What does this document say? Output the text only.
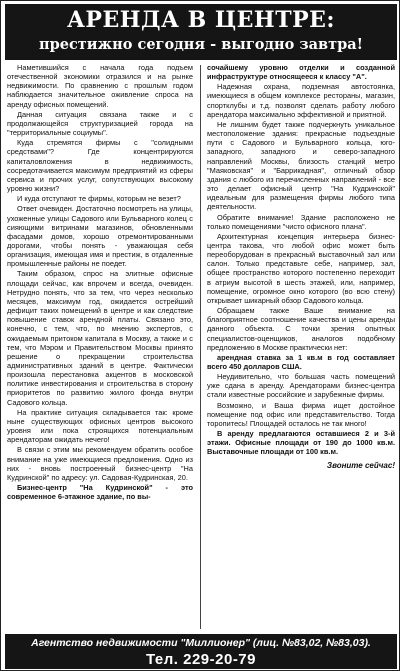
АРЕНДА В ЦЕНТРЕ:
престижно сегодня - выгодно завтра!

Наметившийся с начала года подъем отечественной экономики отразился и на рынке недвижимости. По сравнению с прошлым годом наблюдается значительное оживление спроса на аренду офисных помещений.

Данная ситуация связана также и с продолжающейся структуризацией города на "территориальные социумы".

Куда стремятся фирмы с "солидными средствами"? Где концентрируются капиталовложения в недвижимость, сосредотачивается максимум предприятий из сферы сервиса и прочих услуг, сопутствующих высокому уровню жизни?

И куда отступают те фирмы, которым не везет?

Ответ очевиден. Достаточно посмотреть на улицы, ухоженные улицы Садового или Бульварного колец с сияющими витринами магазинов, обновленными фасадами домов, хорошо отремонтированными дорогами, чтобы понять - уважающая себя организация, имеющая имя и престиж, в отдаленные промышленные районы не поедет.

Таким образом, спрос на элитные офисные площади сейчас, как впрочем и всегда, очевиден. Нетрудно понять, что за тем, что через несколько месяцев, максимум год, ожидается острейший дефицит таких помещений в центре и как следствие повышение ставок арендной платы. Связано это, конечно, с тем, что, по мнению экспертов, с ожидаемым притоком капитала в Москву, а также и с тем, что Мэром и Правительством Москвы принято решение о прекращении строительства административных зданий в центре. Фактически произошла перестановка акцентов в московской политике инвестирования и строительства в сторону приоритетов по развитию жилого фонда внутри Садового кольца.

На практике ситуация складывается так: кроме ныне существующих офисных центров высокого уровня или пока строящихся потенциальным арендаторам ожидать нечего!

В связи с этим мы рекомендуем обратить особое внимание на уже имеющиеся предложения. Одно из них - вновь построенный бизнес-центр "На Кудринской" по адресу: ул. Садовая-Кудринская, 20.

Бизнес-центр "На Кудринской" - это современное 6-этажное здание, по вы-

сочайшему уровню отделки и созданной инфраструктуре относящееся к классу "А".

Надежная охрана, подземная автостоянка, имеющиеся в общем комплексе рестораны, магазин, спортклубы и т.д. позволят сделать работу любого арендатора максимально эффективной и приятной.

Не лишним будет также подчеркнуть уникальное местоположение здания: прекрасные подъездные пути с Садового и Бульварного кольца, юго-западного, западного и северо-западного направлений Москвы, близость станций метро "Маяковская" и "Баррикадная", отличный обзор здания с любого из перечисленных направлений - все это делает офисный центр "На Кудринской" идеальным для размещения фирмы любого типа деятельности.

Обратите внимание! Здание расположено не только помещениями "чисто офисного плана".

Архитектурная концепция интерьера бизнес-центра такова, что любой офис может быть переоборудован в прекрасный выставочный зал или салон. Только представьте себе, например, зал, общее пространство которого постепенно переходит в атриум высотой в шесть этажей, или, например, помещение, огромное окно которого (во всю стену) открывает шикарный обзор Садового кольца.

Обращаем также Ваше внимание на благоприятное соотношение качества и цены аренды данного объекта. С точки зрения опытных специалистов-оценщиков, аналогов подобному предложению в Москве практически нет:

арендная ставка за 1 кв.м в год составляет всего 450 долларов США.

Неудивительно, что большая часть помещений уже сдана в аренду. Арендаторами бизнес-центра стали известные российские и зарубежные фирмы.

Возможно, и Ваша фирма ищет достойное помещение под офис или представительство. Тогда торопитесь! Площадей осталось не так много!

В аренду предлагаются оставшиеся 2 и 3-й этажи. Офисные площади от 190 до 1000 кв.м. Выставочные площади от 100 кв.м.

Звоните сейчас!

Агентство недвижимости "Миллионер" (лиц. №83,02, №83,03).
Тел. 229-20-79
